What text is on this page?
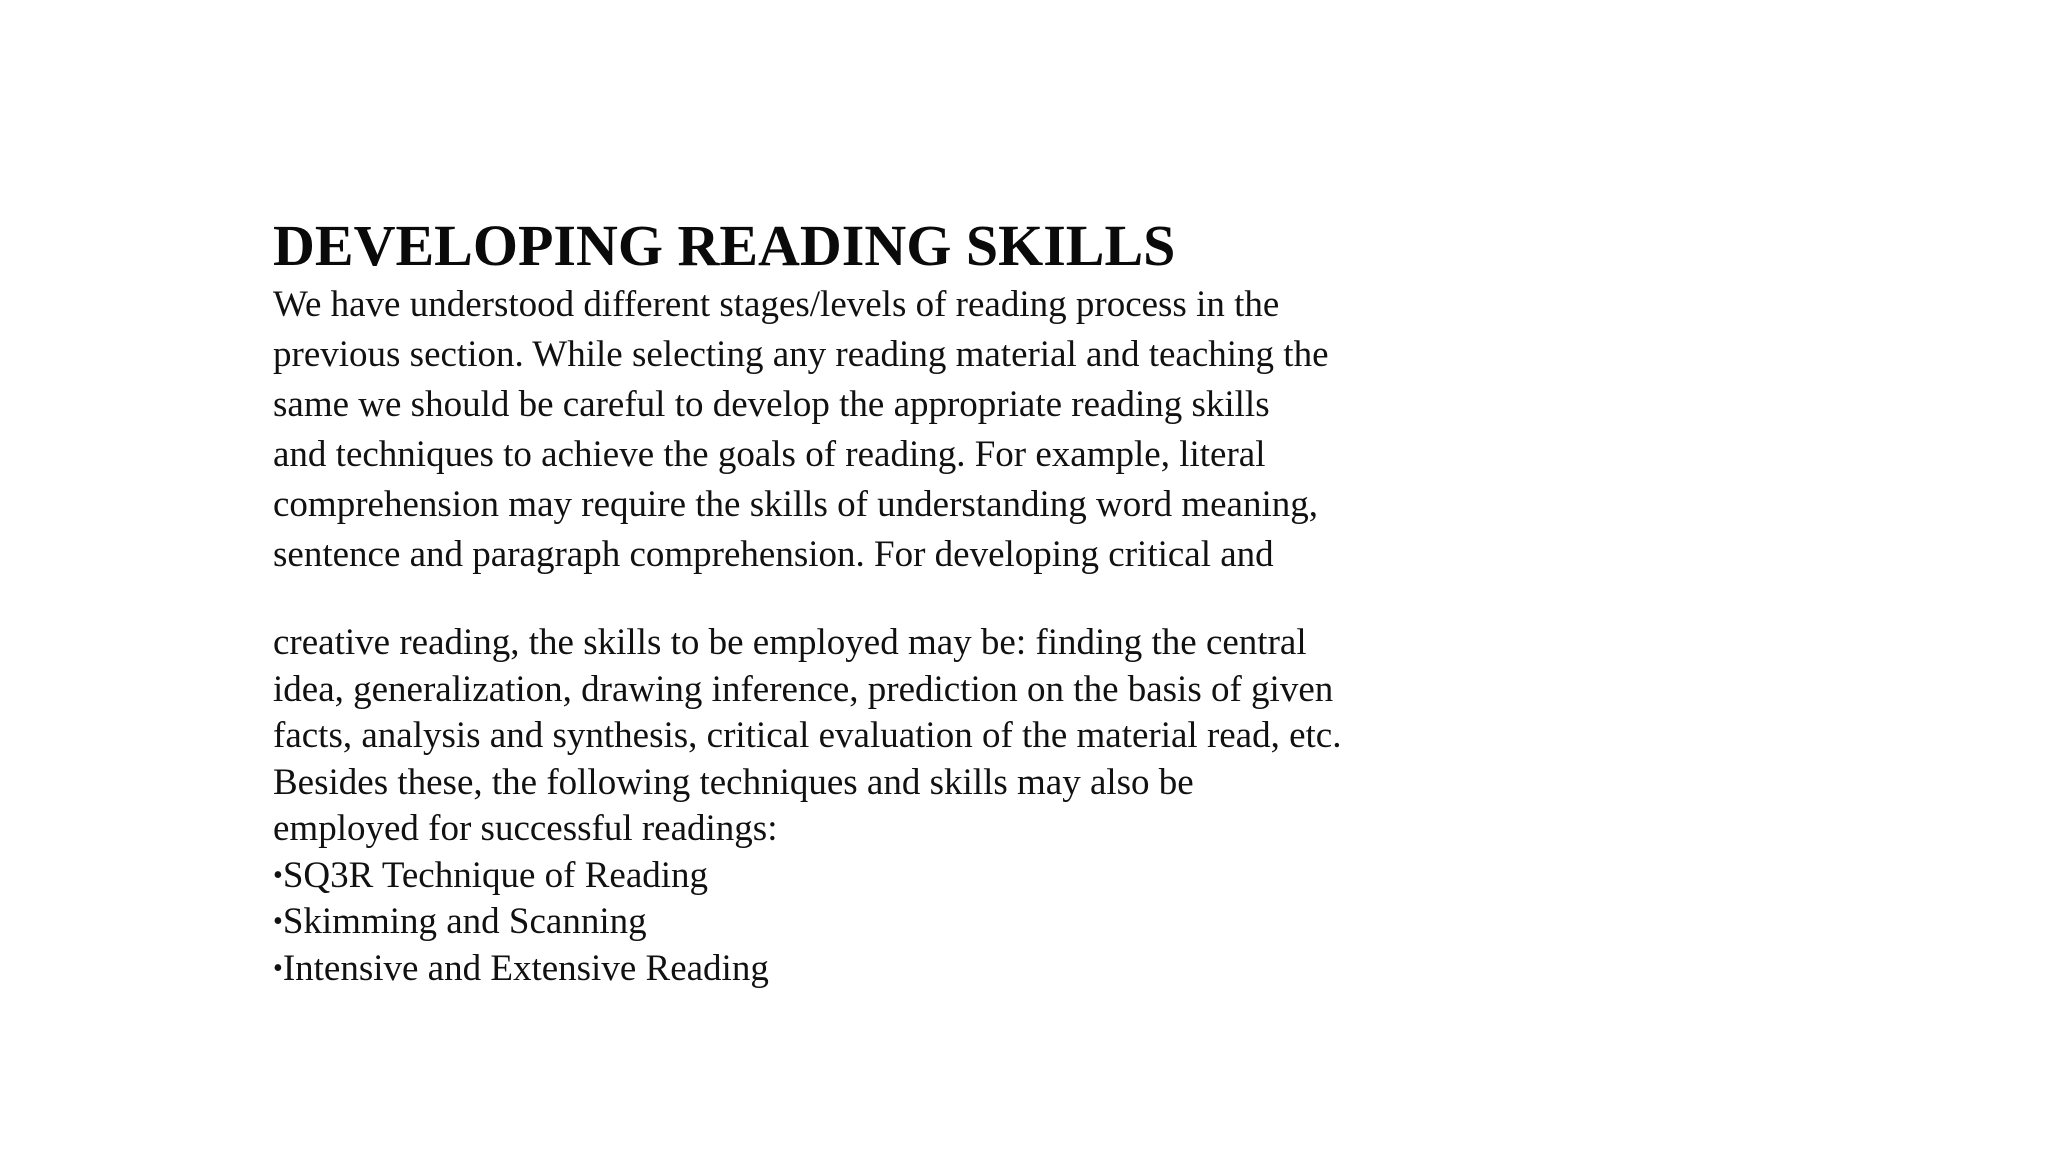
DEVELOPING READING SKILLS

We have understood different stages/levels of reading process in the
previous section. While selecting any reading material and teaching the
same we should be careful to develop the appropriate reading skills
and techniques to achieve the goals of reading. For example, literal
comprehension may require the skills of understanding word meaning,
sentence and paragraph comprehension. For developing critical and

creative reading, the skills to be employed may be: finding the central
idea, generalization, drawing inference, prediction on the basis of given
facts, analysis and synthesis, critical evaluation of the material read, etc.
Besides these, the following techniques and skills may also be
employed for successful readings:

•SQ3R Technique of Reading
•Skimming and Scanning
•Intensive and Extensive Reading
